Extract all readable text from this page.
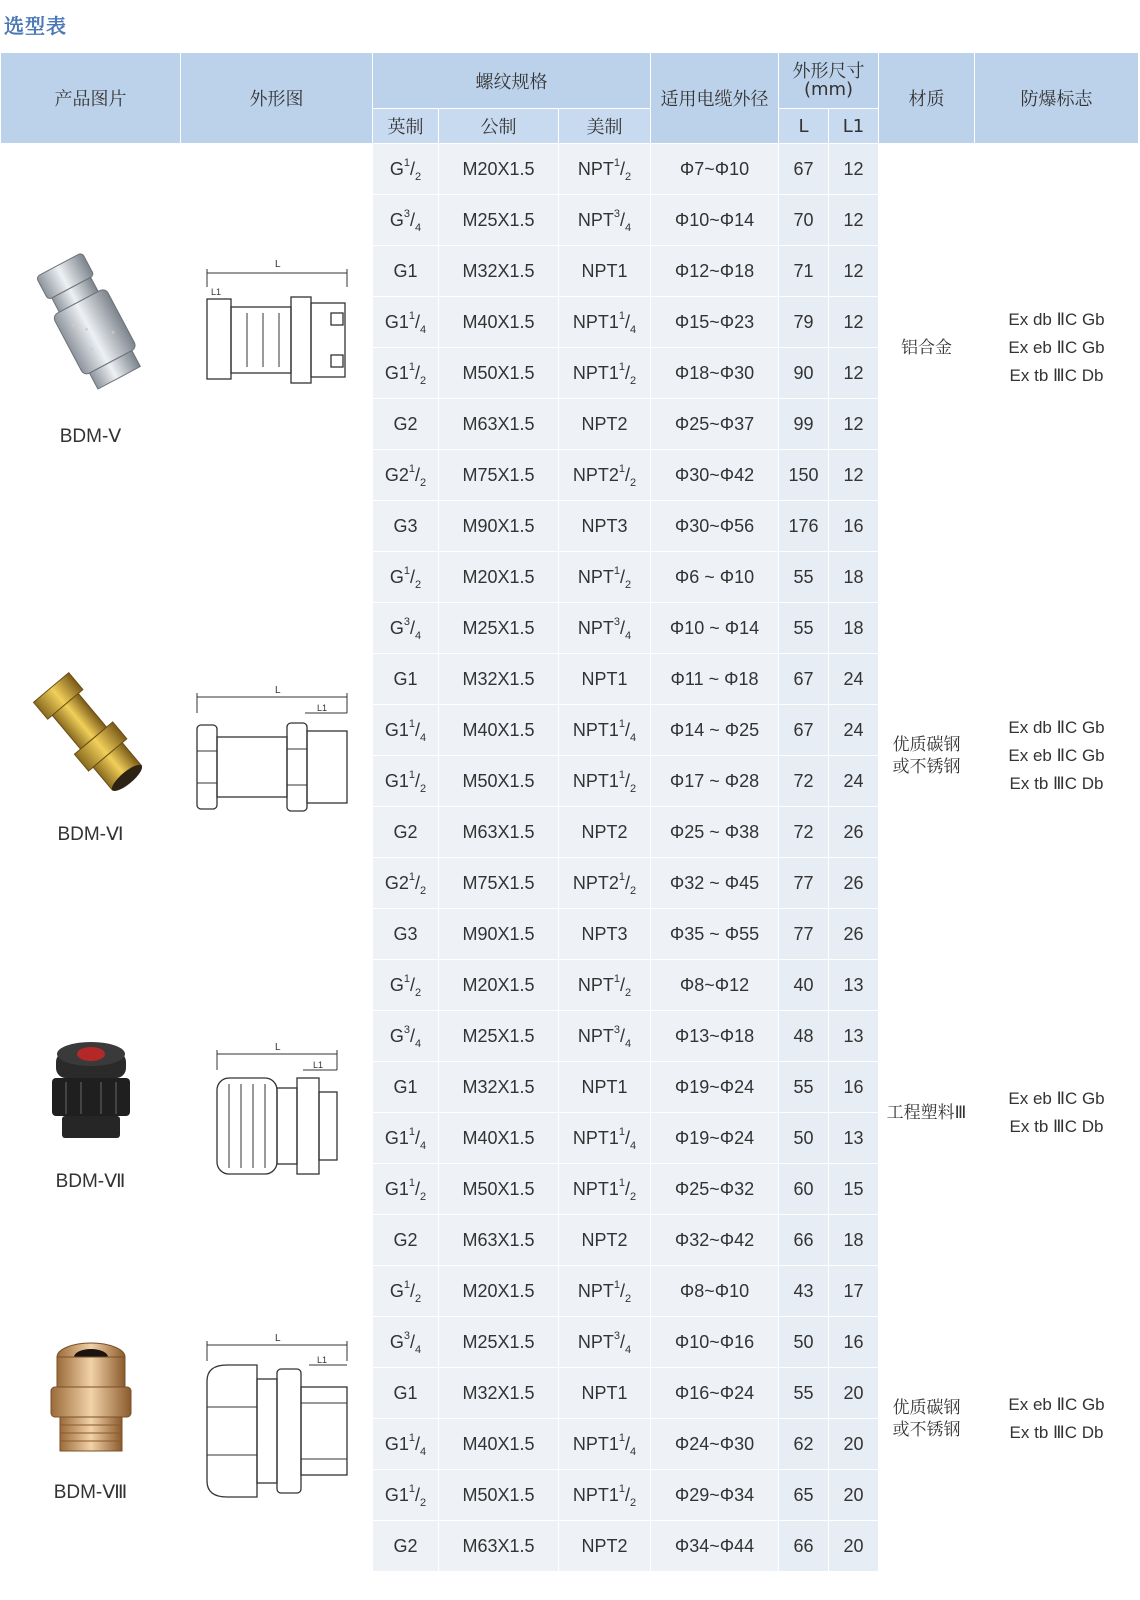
选型表
产品图片	外形图	螺纹规格			适用电缆外径	外形尺寸
(mm)		材质	防爆标志
		英制	公制	美制		L	L1		

BDM-Ⅴ	L
L1	$G^1/_2$	M20X1.5	$NPT^1/_2$	Φ7~Φ10	67	12	铝合金	Ex db ⅡC Gb
Ex eb ⅡC Gb
Ex tb ⅢC Db
		$G^3/_4$	M25X1.5	$NPT^3/_4$	Φ10~Φ14	70	12		
		G1	M32X1.5	NPT1	Φ12~Φ18	71	12		
		$G1^1/_4$	M40X1.5	$NPT1^1/_4$	Φ15~Φ23	79	12		
		$G1^1/_2$	M50X1.5	$NPT1^1/_2$	Φ18~Φ30	90	12		
		G2	M63X1.5	NPT2	Φ25~Φ37	99	12		
		$G2^1/_2$	M75X1.5	$NPT2^1/_2$	Φ30~Φ42	150	12		
		G3	M90X1.5	NPT3	Φ30~Φ56	176	16		

BDM-Ⅵ	L
L1	$G^1/_2$	M20X1.5	$NPT^1/_2$	Φ6 ~ Φ10	55	18	优质碳钢
或不锈钢	Ex db ⅡC Gb
Ex eb ⅡC Gb
Ex tb ⅢC Db
		$G^3/_4$	M25X1.5	$NPT^3/_4$	Φ10 ~ Φ14	55	18		
		G1	M32X1.5	NPT1	Φ11 ~ Φ18	67	24		
		$G1^1/_4$	M40X1.5	$NPT1^1/_4$	Φ14 ~ Φ25	67	24		
		$G1^1/_2$	M50X1.5	$NPT1^1/_2$	Φ17 ~ Φ28	72	24		
		G2	M63X1.5	NPT2	Φ25 ~ Φ38	72	26		
		$G2^1/_2$	M75X1.5	$NPT2^1/_2$	Φ32 ~ Φ45	77	26		
		G3	M90X1.5	NPT3	Φ35 ~ Φ55	77	26		

BDM-Ⅶ	L
L1	$G^1/_2$	M20X1.5	$NPT^1/_2$	Φ8~Φ12	40	13	工程塑料Ⅲ	Ex eb ⅡC Gb
Ex tb ⅢC Db
		$G^3/_4$	M25X1.5	$NPT^3/_4$	Φ13~Φ18	48	13		
		G1	M32X1.5	NPT1	Φ19~Φ24	55	16		
		$G1^1/_4$	M40X1.5	$NPT1^1/_4$	Φ19~Φ24	50	13		
		$G1^1/_2$	M50X1.5	$NPT1^1/_2$	Φ25~Φ32	60	15		
		G2	M63X1.5	NPT2	Φ32~Φ42	66	18		

BDM-Ⅷ	L
L1	$G^1/_2$	M20X1.5	$NPT^1/_2$	Φ8~Φ10	43	17	优质碳钢
或不锈钢	Ex eb ⅡC Gb
Ex tb ⅢC Db
		$G^3/_4$	M25X1.5	$NPT^3/_4$	Φ10~Φ16	50	16		
		G1	M32X1.5	NPT1	Φ16~Φ24	55	20		
		$G1^1/_4$	M40X1.5	$NPT1^1/_4$	Φ24~Φ30	62	20		
		$G1^1/_2$	M50X1.5	$NPT1^1/_2$	Φ29~Φ34	65	20		
		G2	M63X1.5	NPT2	Φ34~Φ44	66	20		
